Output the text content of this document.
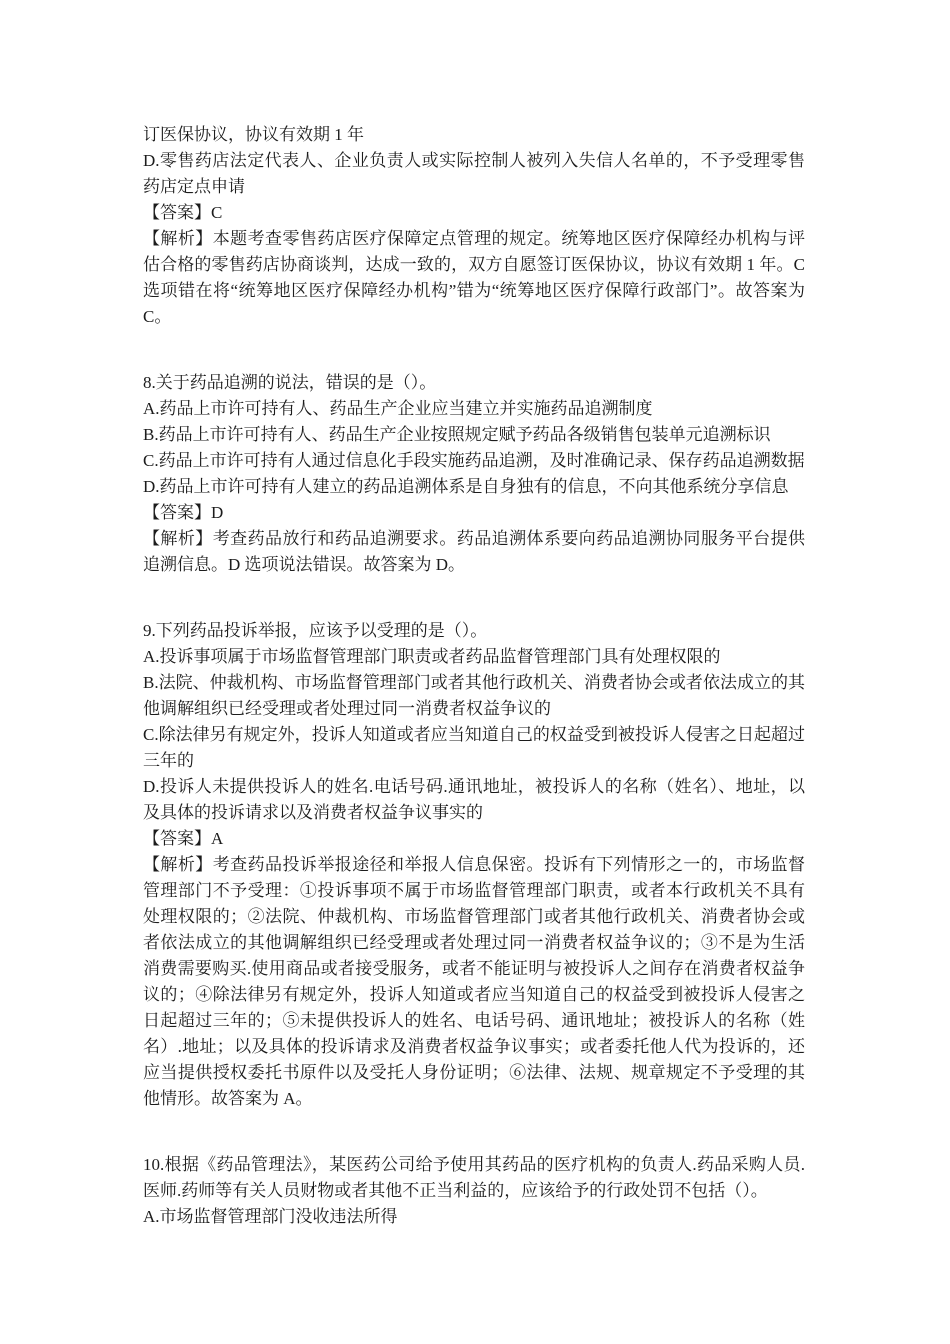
订医保协议，协议有效期 1 年

D.零售药店法定代表人、企业负责人或实际控制人被列入失信人名单的，不予受理零售药店定点申请

【答案】C

【解析】本题考查零售药店医疗保障定点管理的规定。统筹地区医疗保障经办机构与评估合格的零售药店协商谈判，达成一致的，双方自愿签订医保协议，协议有效期 1 年。C 选项错在将“统筹地区医疗保障经办机构”错为“统筹地区医疗保障行政部门”。故答案为 C。

8.关于药品追溯的说法，错误的是（）。

A.药品上市许可持有人、药品生产企业应当建立并实施药品追溯制度

B.药品上市许可持有人、药品生产企业按照规定赋予药品各级销售包装单元追溯标识

C.药品上市许可持有人通过信息化手段实施药品追溯，及时准确记录、保存药品追溯数据

D.药品上市许可持有人建立的药品追溯体系是自身独有的信息，不向其他系统分享信息

【答案】D

【解析】考查药品放行和药品追溯要求。药品追溯体系要向药品追溯协同服务平台提供追溯信息。D 选项说法错误。故答案为 D。

9.下列药品投诉举报，应该予以受理的是（）。

A.投诉事项属于市场监督管理部门职责或者药品监督管理部门具有处理权限的

B.法院、仲裁机构、市场监督管理部门或者其他行政机关、消费者协会或者依法成立的其他调解组织已经受理或者处理过同一消费者权益争议的

C.除法律另有规定外，投诉人知道或者应当知道自己的权益受到被投诉人侵害之日起超过三年的

D.投诉人未提供投诉人的姓名.电话号码.通讯地址，被投诉人的名称（姓名）、地址，以及具体的投诉请求以及消费者权益争议事实的

【答案】A

【解析】考查药品投诉举报途径和举报人信息保密。投诉有下列情形之一的，市场监督管理部门不予受理：①投诉事项不属于市场监督管理部门职责，或者本行政机关不具有处理权限的；②法院、仲裁机构、市场监督管理部门或者其他行政机关、消费者协会或者依法成立的其他调解组织已经受理或者处理过同一消费者权益争议的；③不是为生活消费需要购买.使用商品或者接受服务，或者不能证明与被投诉人之间存在消费者权益争议的；④除法律另有规定外，投诉人知道或者应当知道自己的权益受到被投诉人侵害之日起超过三年的；⑤未提供投诉人的姓名、电话号码、通讯地址；被投诉人的名称（姓名）.地址；以及具体的投诉请求及消费者权益争议事实；或者委托他人代为投诉的，还应当提供授权委托书原件以及受托人身份证明；⑥法律、法规、规章规定不予受理的其他情形。故答案为 A。

10.根据《药品管理法》，某医药公司给予使用其药品的医疗机构的负责人.药品采购人员.医师.药师等有关人员财物或者其他不正当利益的，应该给予的行政处罚不包括（）。

A.市场监督管理部门没收违法所得
